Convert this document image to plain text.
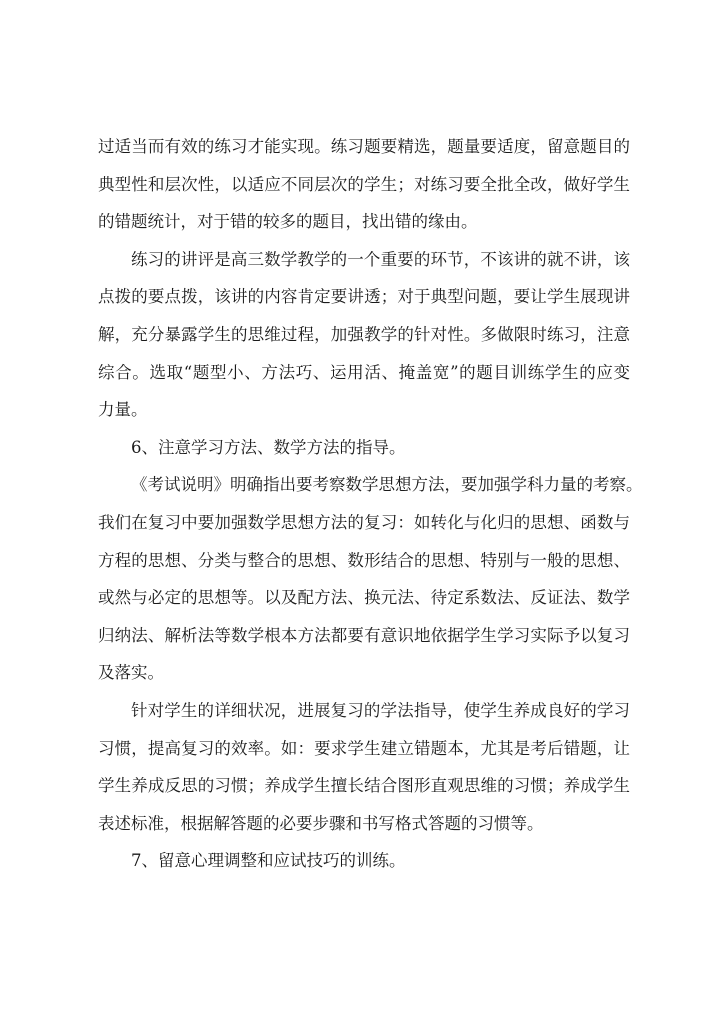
过适当而有效的练习才能实现。练习题要精选，题量要适度，留意题目的
典型性和层次性，以适应不同层次的学生；对练习要全批全改，做好学生
的错题统计，对于错的较多的题目，找出错的缘由。
练习的讲评是高三数学教学的一个重要的环节，不该讲的就不讲，该
点拨的要点拨，该讲的内容肯定要讲透；对于典型问题，要让学生展现讲
解，充分暴露学生的思维过程，加强教学的针对性。多做限时练习，注意
综合。选取“题型小、方法巧、运用活、掩盖宽”的题目训练学生的应变
力量。
6、注意学习方法、数学方法的指导。
《考试说明》明确指出要考察数学思想方法，要加强学科力量的考察。
我们在复习中要加强数学思想方法的复习：如转化与化归的思想、函数与
方程的思想、分类与整合的思想、数形结合的思想、特别与一般的思想、
或然与必定的思想等。以及配方法、换元法、待定系数法、反证法、数学
归纳法、解析法等数学根本方法都要有意识地依据学生学习实际予以复习
及落实。
针对学生的详细状况，进展复习的学法指导，使学生养成良好的学习
习惯，提高复习的效率。如：要求学生建立错题本，尤其是考后错题，让
学生养成反思的习惯；养成学生擅长结合图形直观思维的习惯；养成学生
表述标准，根据解答题的必要步骤和书写格式答题的习惯等。
7、留意心理调整和应试技巧的训练。
